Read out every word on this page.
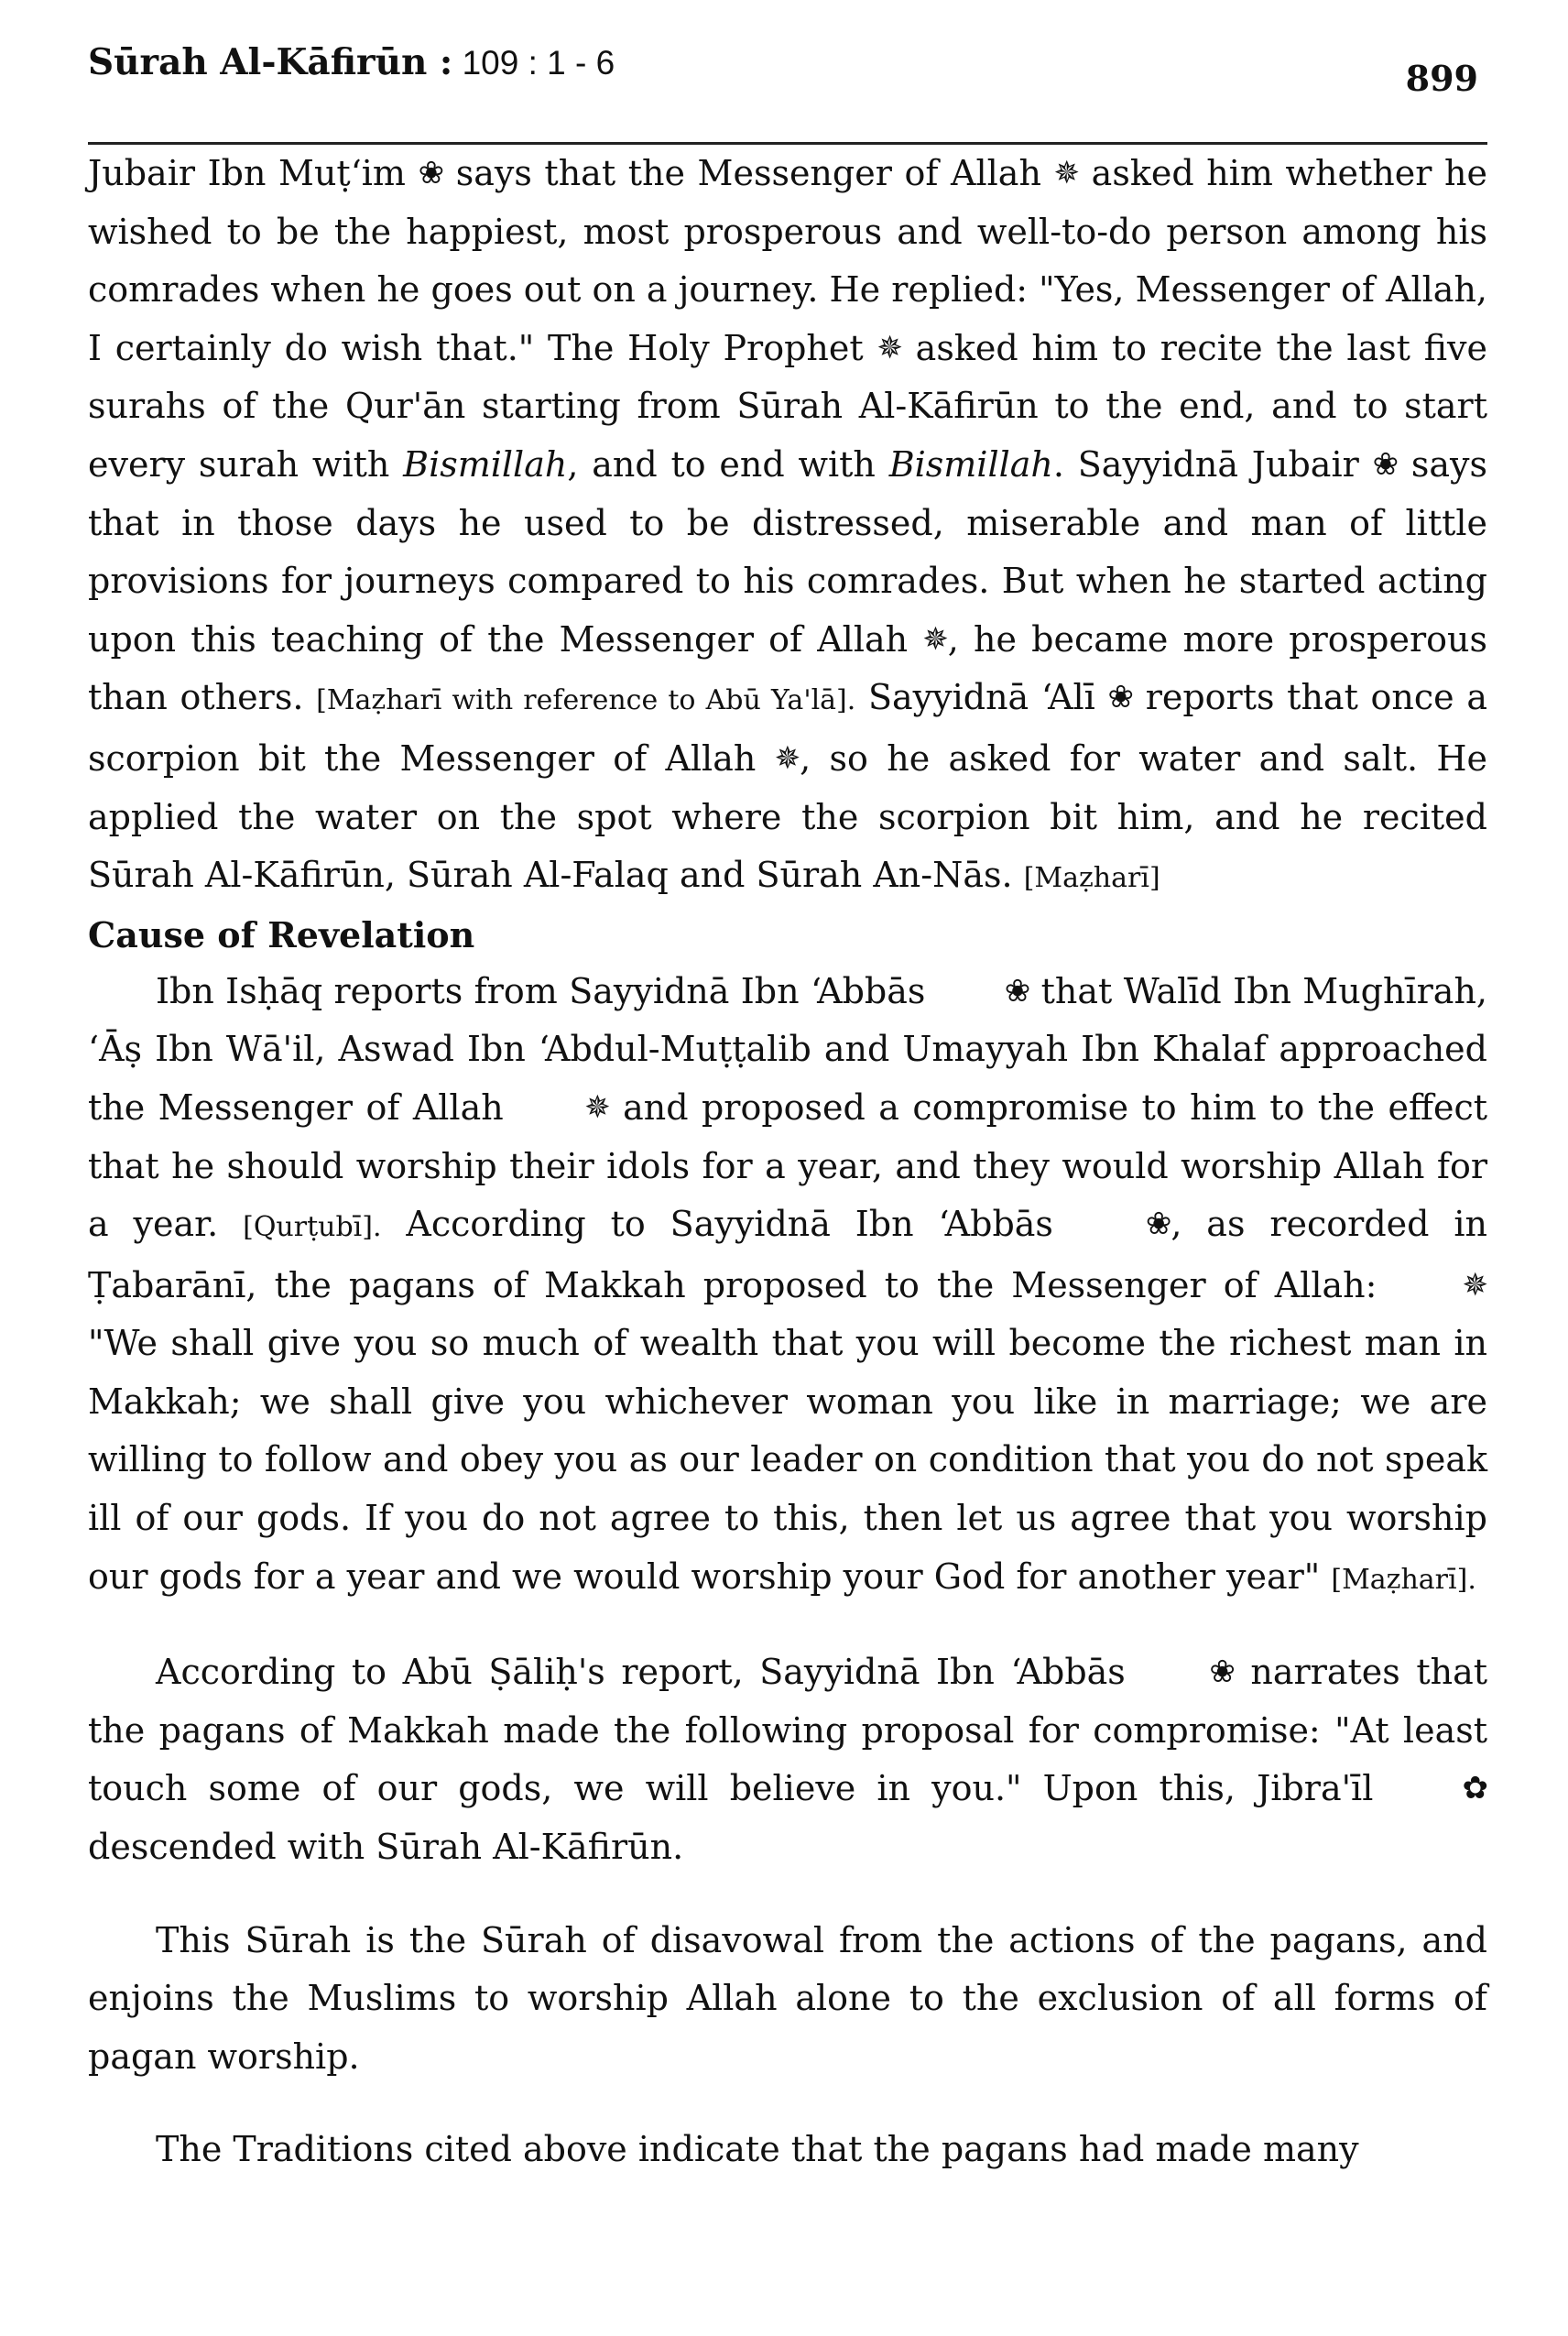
Sūrah Al-Kāfirūn : 109 : 1 - 6	899

Jubair Ibn Muṭ‘im ❀ says that the Messenger of Allah ✵ asked him whether he wished to be the happiest, most prosperous and well-to-do person among his comrades when he goes out on a journey. He replied: "Yes, Messenger of Allah, I certainly do wish that." The Holy Prophet ✵ asked him to recite the last five surahs of the Qur'ān starting from Sūrah Al-Kāfirūn to the end, and to start every surah with Bismillah, and to end with Bismillah. Sayyidnā Jubair ❀ says that in those days he used to be distressed, miserable and man of little provisions for journeys compared to his comrades. But when he started acting upon this teaching of the Messenger of Allah ✵, he became more prosperous than others. [Maẓharī with reference to Abū Ya'lā]. Sayyidnā ‘Alī ❀ reports that once a scorpion bit the Messenger of Allah ✵, so he asked for water and salt. He applied the water on the spot where the scorpion bit him, and he recited Sūrah Al-Kāfirūn, Sūrah Al-Falaq and Sūrah An-Nās. [Maẓharī]

Cause of Revelation

Ibn Isḥāq reports from Sayyidnā Ibn ‘Abbās ❀ that Walīd Ibn Mughīrah, ‘Āṣ Ibn Wā'il, Aswad Ibn ‘Abdul-Muṭṭalib and Umayyah Ibn Khalaf approached the Messenger of Allah ✵ and proposed a compromise to him to the effect that he should worship their idols for a year, and they would worship Allah for a year. [Qurṭubī]. According to Sayyidnā Ibn ‘Abbās ❀, as recorded in Ṭabarānī, the pagans of Makkah proposed to the Messenger of Allah: ✵ "We shall give you so much of wealth that you will become the richest man in Makkah; we shall give you whichever woman you like in marriage; we are willing to follow and obey you as our leader on condition that you do not speak ill of our gods. If you do not agree to this, then let us agree that you worship our gods for a year and we would worship your God for another year" [Maẓharī].

According to Abū Ṣāliḥ's report, Sayyidnā Ibn ‘Abbās ❀ narrates that the pagans of Makkah made the following proposal for compromise: "At least touch some of our gods, we will believe in you." Upon this, Jibra'īl ✿ descended with Sūrah Al-Kāfirūn.

This Sūrah is the Sūrah of disavowal from the actions of the pagans, and enjoins the Muslims to worship Allah alone to the exclusion of all forms of pagan worship.

The Traditions cited above indicate that the pagans had made many
